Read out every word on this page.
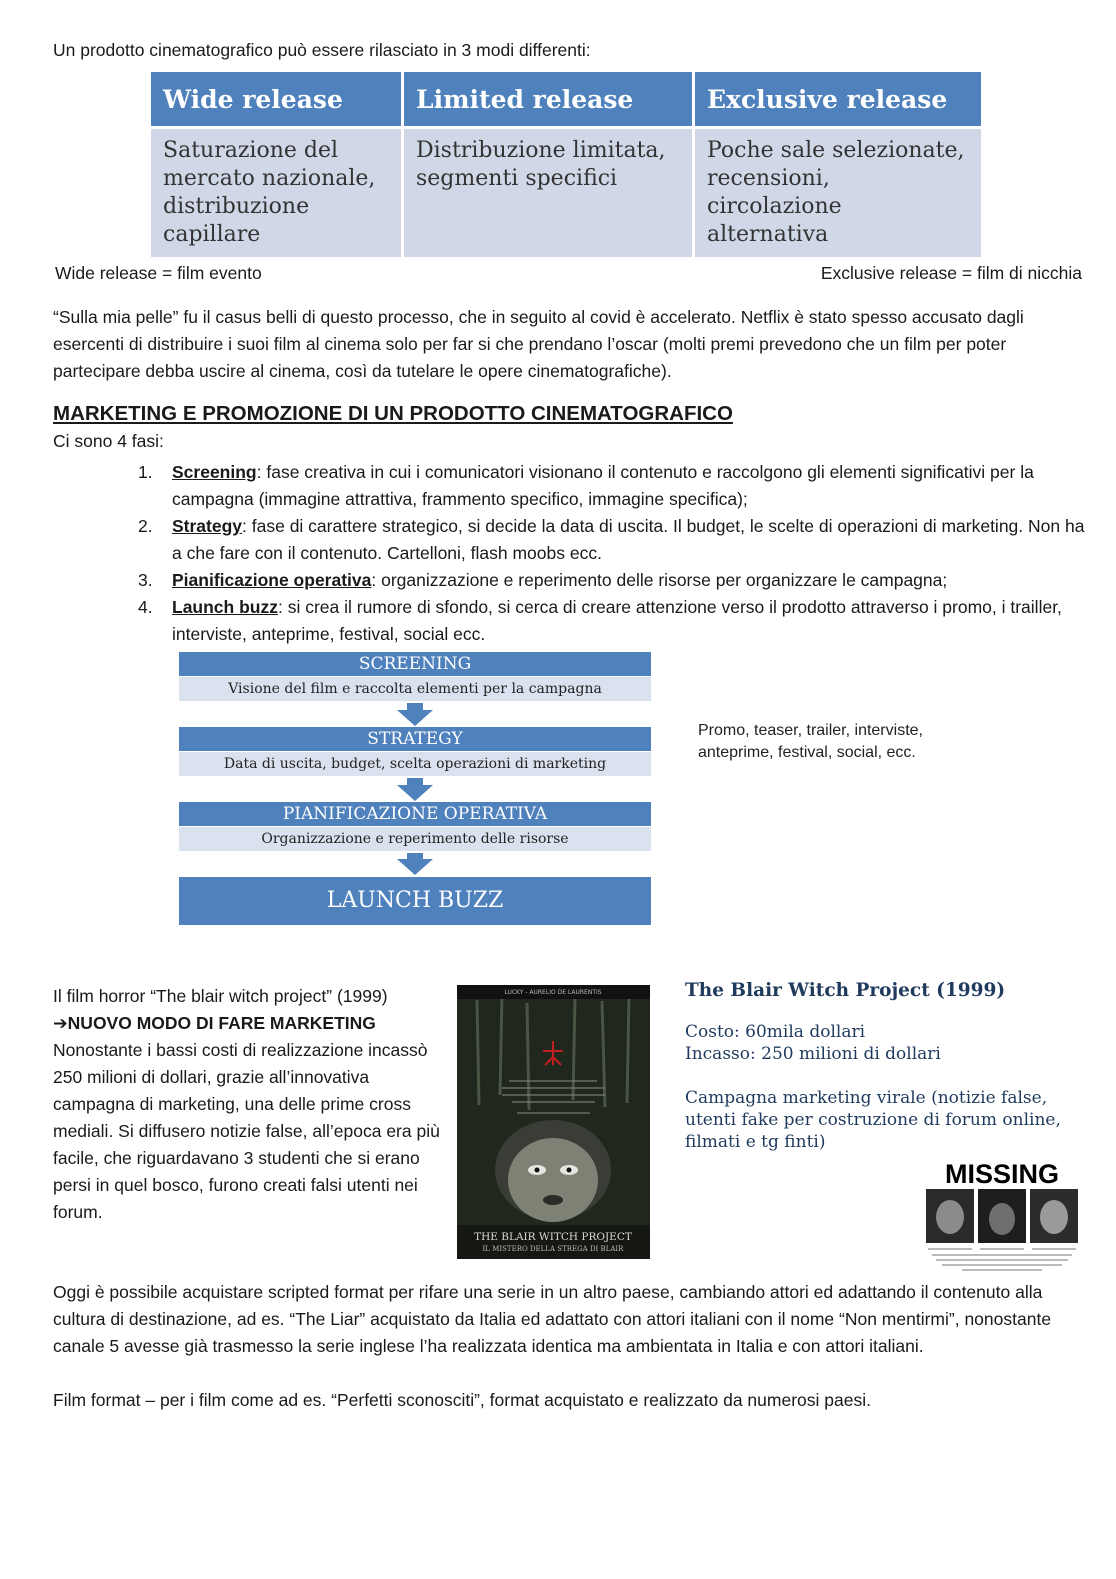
Un prodotto cinematografico può essere rilasciato in 3 modi differenti:
Wide release	Limited release	Exclusive release
Saturazione del mercato nazionale, distribuzione capillare	Distribuzione limitata, segmenti specifici	Poche sale selezionate, recensioni, circolazione alternativa
Wide release = film evento	Exclusive release = film di nicchia
“Sulla mia pelle” fu il casus belli di questo processo, che in seguito al covid è accelerato. Netflix è stato spesso accusato dagli esercenti di distribuire i suoi film al cinema solo per far si che prendano l’oscar (molti premi prevedono che un film per poter partecipare debba uscire al cinema, così da tutelare le opere cinematografiche).
MARKETING E PROMOZIONE DI UN PRODOTTO CINEMATOGRAFICO
Ci sono 4 fasi:
1. Screening: fase creativa in cui i comunicatori visionano il contenuto e raccolgono gli elementi significativi per la campagna (immagine attrattiva, frammento specifico, immagine specifica);
2. Strategy: fase di carattere strategico, si decide la data di uscita. Il budget, le scelte di operazioni di marketing. Non ha a che fare con il contenuto. Cartelloni, flash moobs ecc.
3. Pianificazione operativa: organizzazione e reperimento delle risorse per organizzare le campagna;
4. Launch buzz: si crea il rumore di sfondo, si cerca di creare attenzione verso il prodotto attraverso i promo, i trailler, interviste, anteprime, festival, social ecc.
SCREENING
Visione del film e raccolta elementi per la campagna
STRATEGY
Data di uscita, budget, scelta operazioni di marketing
PIANIFICAZIONE OPERATIVA
Organizzazione e reperimento delle risorse
LAUNCH BUZZ
Promo, teaser, trailer, interviste, anteprime, festival, social, ecc.
Il film horror “The blair witch project” (1999)
➔NUOVO MODO DI FARE MARKETING
Nonostante i bassi costi di realizzazione incassò 250 milioni di dollari, grazie all’innovativa campagna di marketing, una delle prime cross mediali. Si diffusero notizie false, all’epoca era più facile, che riguardavano 3 studenti che si erano persi in quel bosco, furono creati falsi utenti nei forum.
LUCKY - AURELIO DE LAURENTIS
THE BLAIR WITCH PROJECT
IL MISTERO DELLA STREGA DI BLAIR
The Blair Witch Project (1999)
Costo: 60mila dollari
Incasso: 250 milioni di dollari
Campagna marketing virale (notizie false, utenti fake per costruzione di forum online, filmati e tg finti)
MISSING
Oggi è possibile acquistare scripted format per rifare una serie in un altro paese, cambiando attori ed adattando il contenuto alla cultura di destinazione, ad es. “The Liar” acquistato da Italia ed adattato con attori italiani con il nome “Non mentirmi”, nonostante canale 5 avesse già trasmesso la serie inglese l’ha realizzata identica ma ambientata in Italia e con attori italiani.
Film format – per i film come ad es. “Perfetti sconosciti”, format acquistato e realizzato da numerosi paesi.
